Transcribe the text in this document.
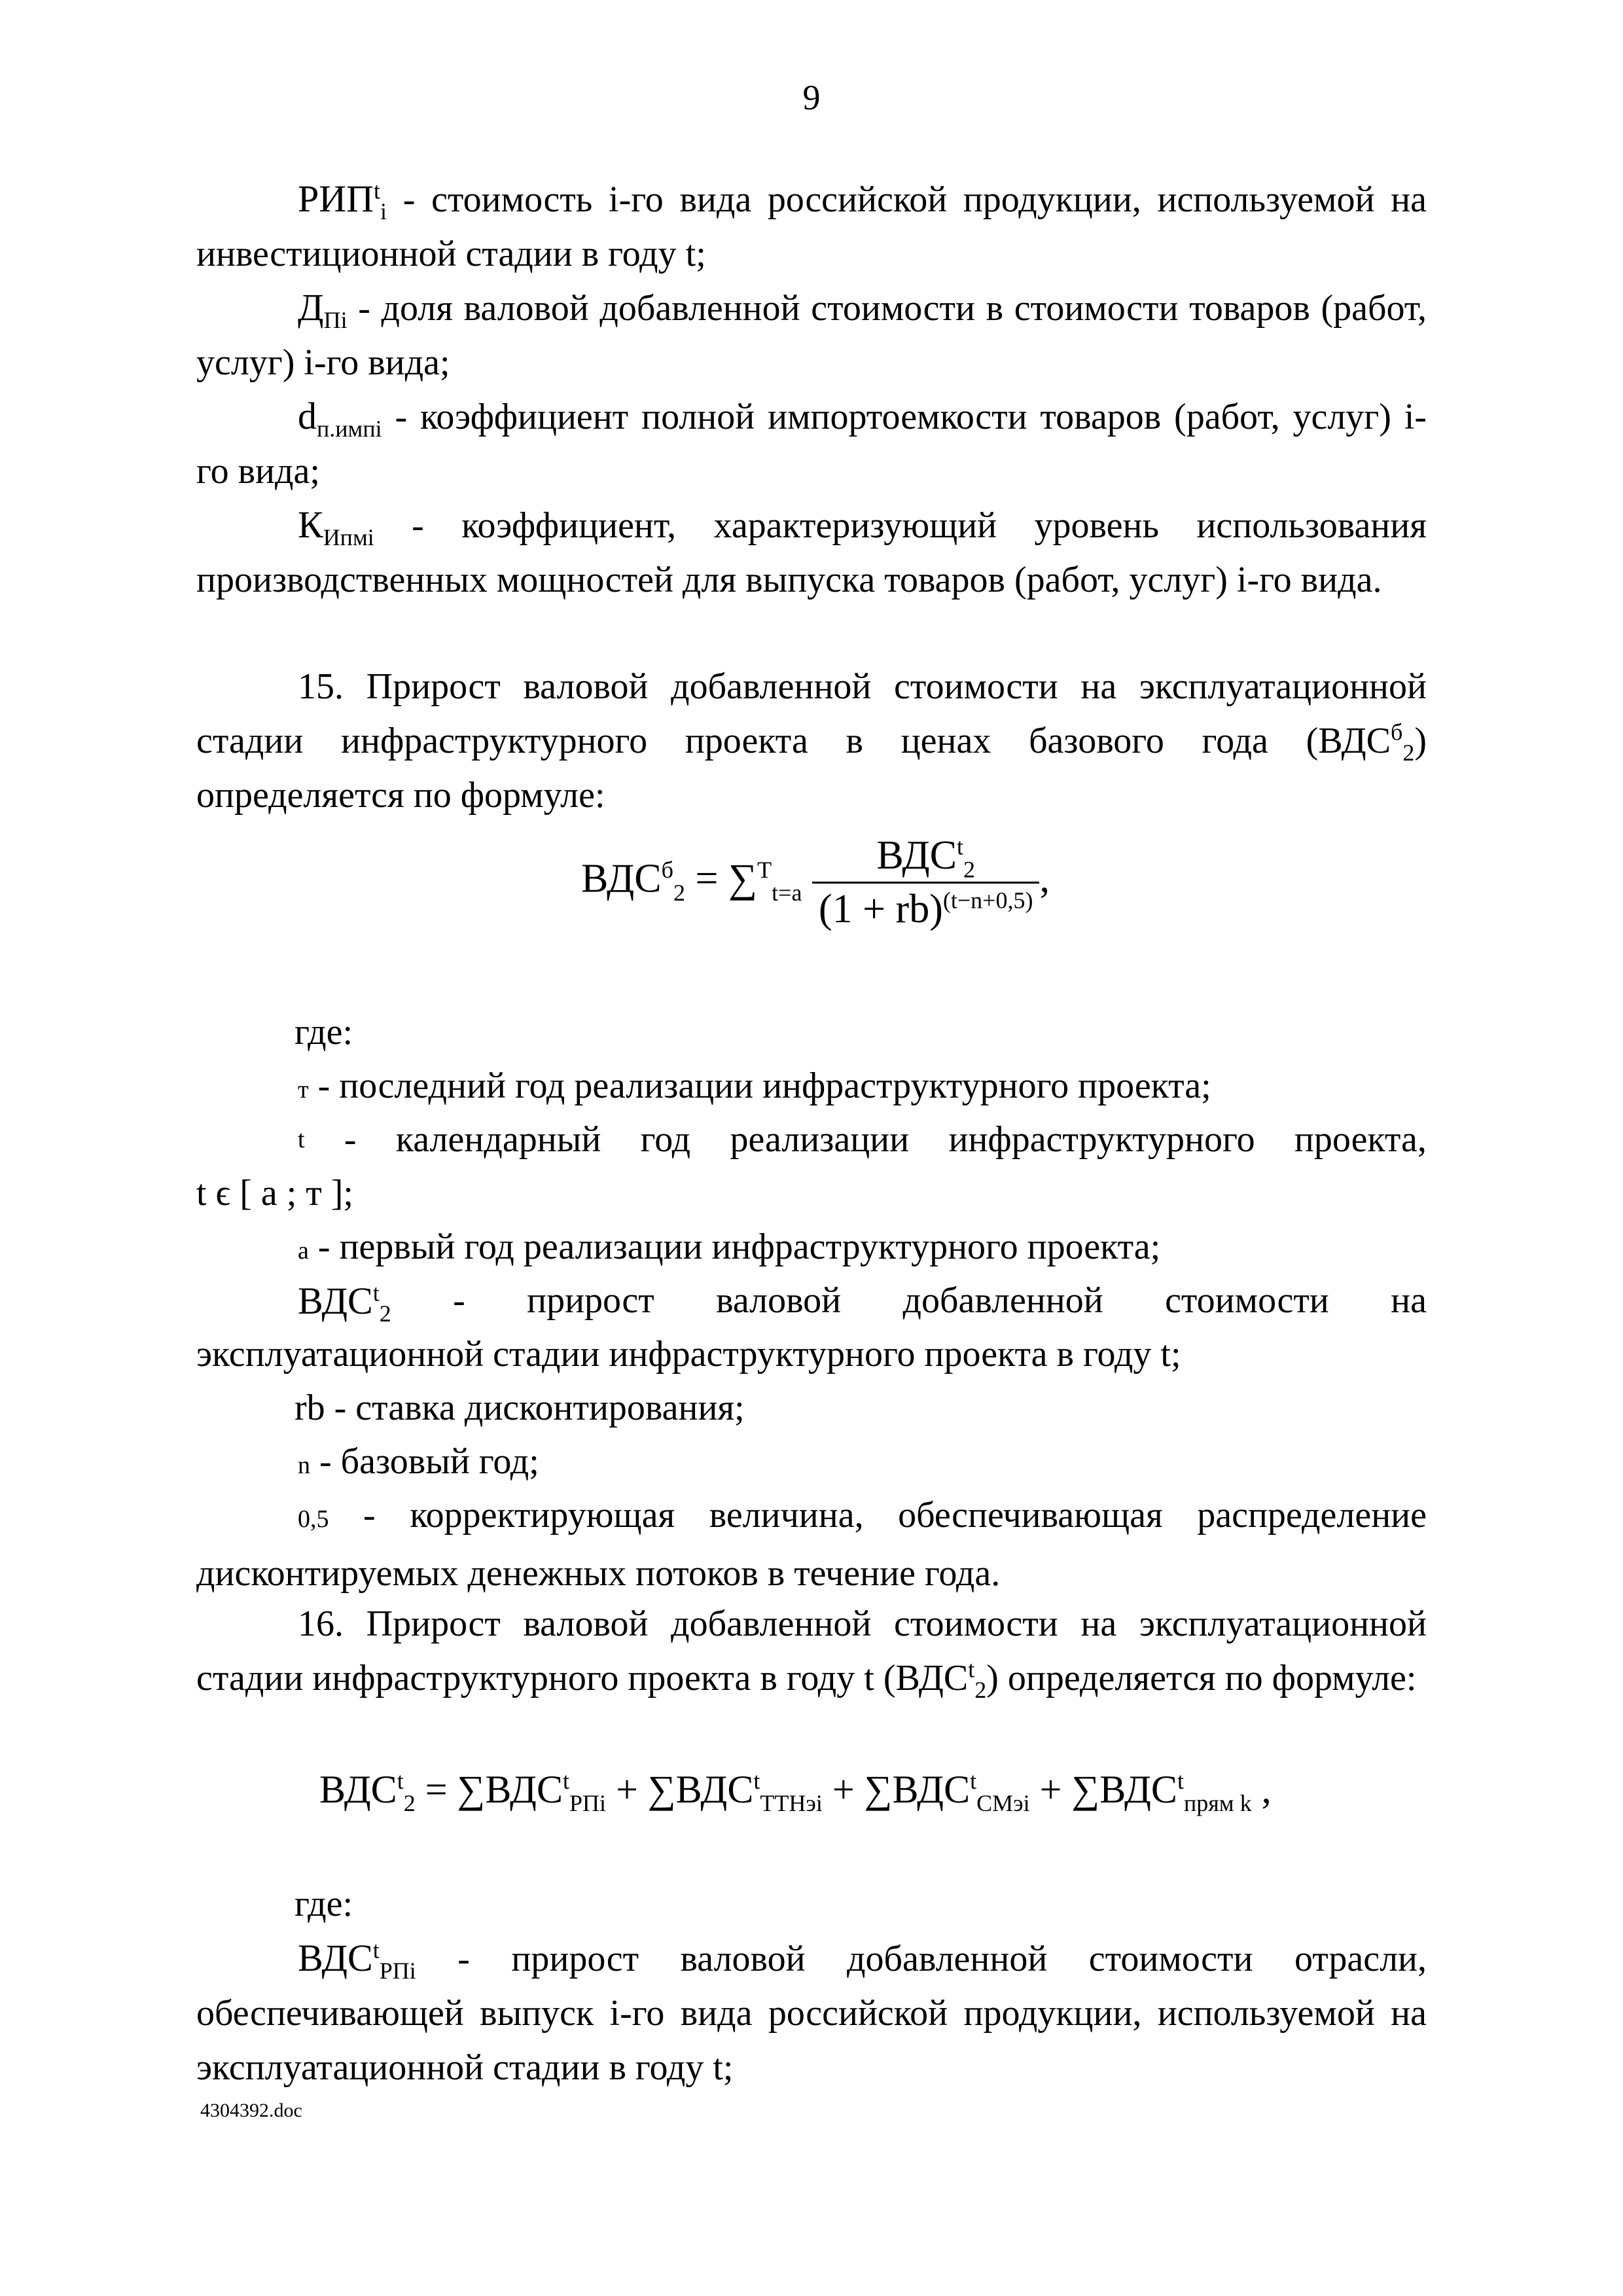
9
$РИП^t_i$ - стоимость i-го вида российской продукции, используемой на инвестиционной стадии в году t;
$Д_{Пi}$ - доля валовой добавленной стоимости в стоимости товаров (работ, услуг) i-го вида;
$d_{п.импi}$ - коэффициент полной импортоемкости товаров (работ, услуг) i-го вида;
$К_{Ипмi}$ - коэффициент, характеризующий уровень использования производственных мощностей для выпуска товаров (работ, услуг) i-го вида.
15. Прирост валовой добавленной стоимости на эксплуатационной стадии инфраструктурного проекта в ценах базового года $(ВДС^б_2)$ определяется по формуле:
$ВДС^б_2 = \sum^T_{t=a} \frac{ВДС^t_2}{(1 + rb)^{(t-n+0,5)}}$ ,
где:
т - последний год реализации инфраструктурного проекта;
t - календарный год реализации инфраструктурного проекта,
t ϵ [ a ; т ];
a - первый год реализации инфраструктурного проекта;
$ВДС^t_2$ - прирост валовой добавленной стоимости на
эксплуатационной стадии инфраструктурного проекта в году t;
rb - ставка дисконтирования;
n - базовый год;
0,5 - корректирующая величина, обеспечивающая распределение дисконтируемых денежных потоков в течение года.
16. Прирост валовой добавленной стоимости на эксплуатационной стадии инфраструктурного проекта в году t $(ВДС^t_2)$ определяется по формуле:
$ВДС^t_2 = \sum ВДС^t_{РПi} + \sum ВДС^t_{ТТНэi} + \sum ВДС^t_{СМэi} + \sum ВДС^t_{прям k}$ ,
где:
$ВДС^t_{РПi}$ - прирост валовой добавленной стоимости отрасли, обеспечивающей выпуск i-го вида российской продукции, используемой на эксплуатационной стадии в году t;
4304392.doc
